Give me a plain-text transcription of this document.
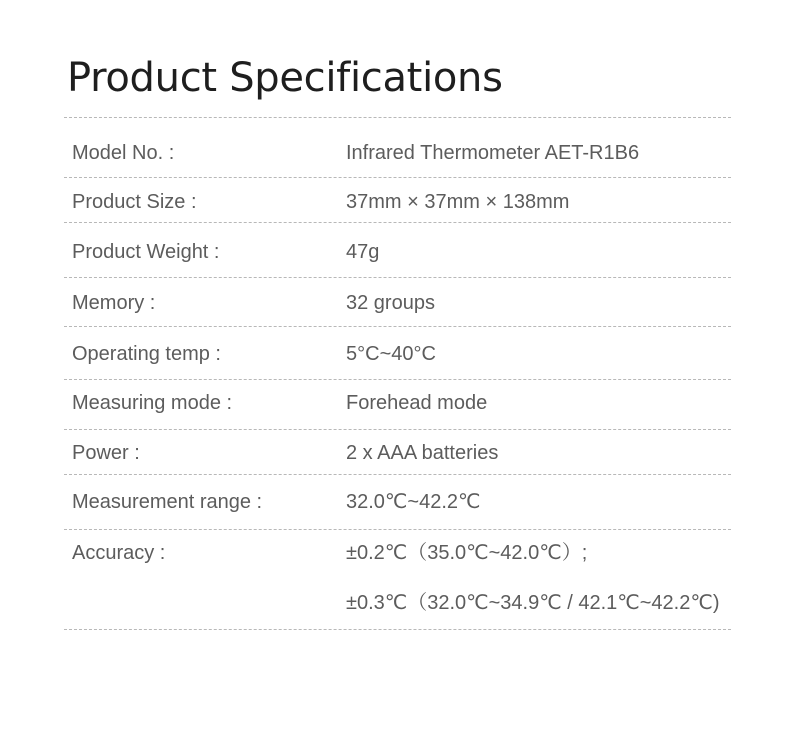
Product Specifications
Model No. :	Infrared Thermometer AET-R1B6
Product Size :	37mm × 37mm × 138mm
Product Weight :	47g
Memory :	32 groups
Operating temp :	5°C~40°C
Measuring mode :	Forehead mode
Power :	2 x AAA batteries
Measurement range :	32.0℃~42.2℃
Accuracy :	±0.2℃（35.0℃~42.0℃）;
±0.3℃（32.0℃~34.9℃ / 42.1℃~42.2℃)
